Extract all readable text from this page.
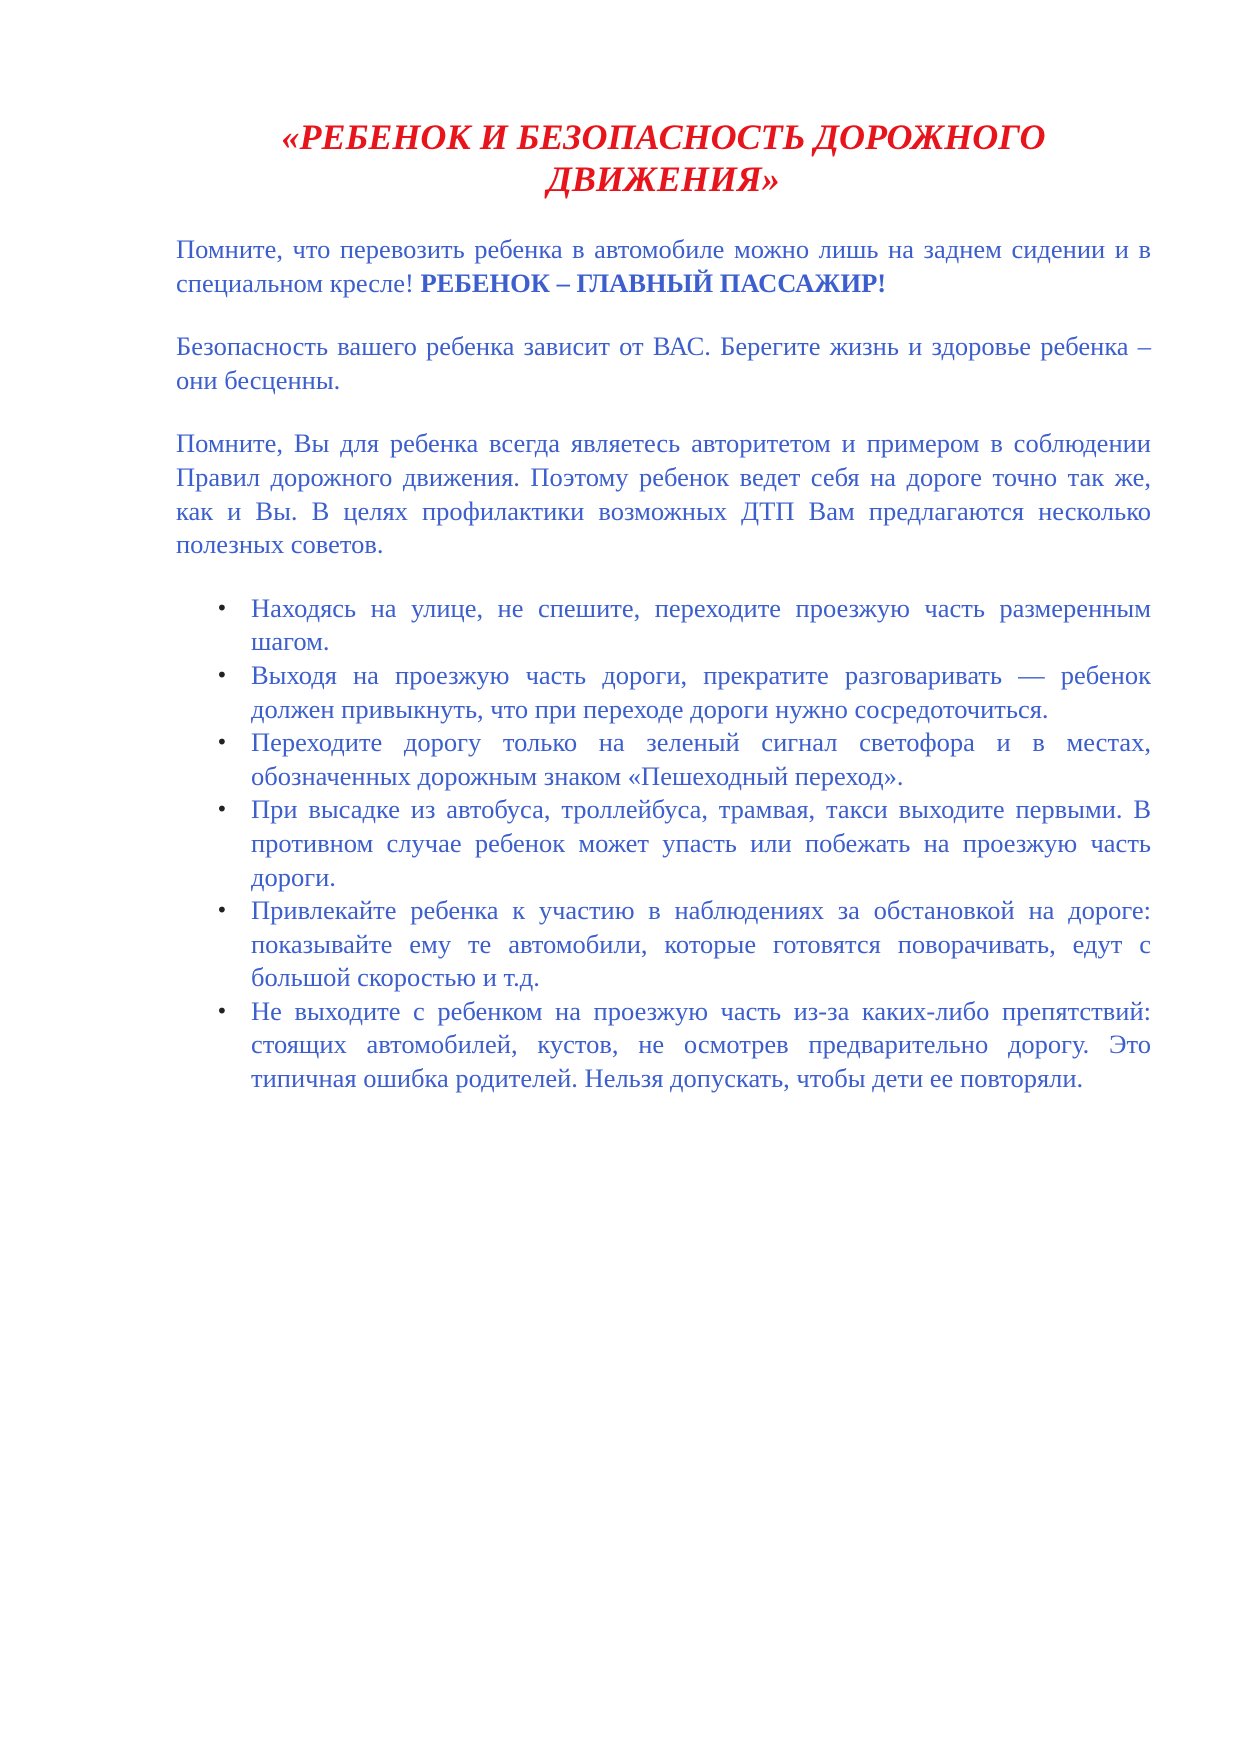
«РЕБЕНОК И БЕЗОПАСНОСТЬ ДОРОЖНОГО ДВИЖЕНИЯ»

Помните, что перевозить ребенка в автомобиле можно лишь на заднем сидении и в специальном кресле! РЕБЕНОК – ГЛАВНЫЙ ПАССАЖИР!

Безопасность вашего ребенка зависит от ВАС. Берегите жизнь и здоровье ребенка – они бесценны.

Помните, Вы для ребенка всегда являетесь авторитетом и примером в соблюдении Правил дорожного движения. Поэтому ребенок ведет себя на дороге точно так же, как и Вы. В целях профилактики возможных ДТП Вам предлагаются несколько полезных советов.

• Находясь на улице, не спешите, переходите проезжую часть размеренным шагом.
• Выходя на проезжую часть дороги, прекратите разговаривать — ребенок должен привыкнуть, что при переходе дороги нужно сосредоточиться.
• Переходите дорогу только на зеленый сигнал светофора и в местах, обозначенных дорожным знаком «Пешеходный переход».
• При высадке из автобуса, троллейбуса, трамвая, такси выходите первыми. В противном случае ребенок может упасть или побежать на проезжую часть дороги.
• Привлекайте ребенка к участию в наблюдениях за обстановкой на дороге: показывайте ему те автомобили, которые готовятся поворачивать, едут с большой скоростью и т.д.
• Не выходите с ребенком на проезжую часть из-за каких-либо препятствий: стоящих автомобилей, кустов, не осмотрев предварительно дорогу. Это типичная ошибка родителей. Нельзя допускать, чтобы дети ее повторяли.
